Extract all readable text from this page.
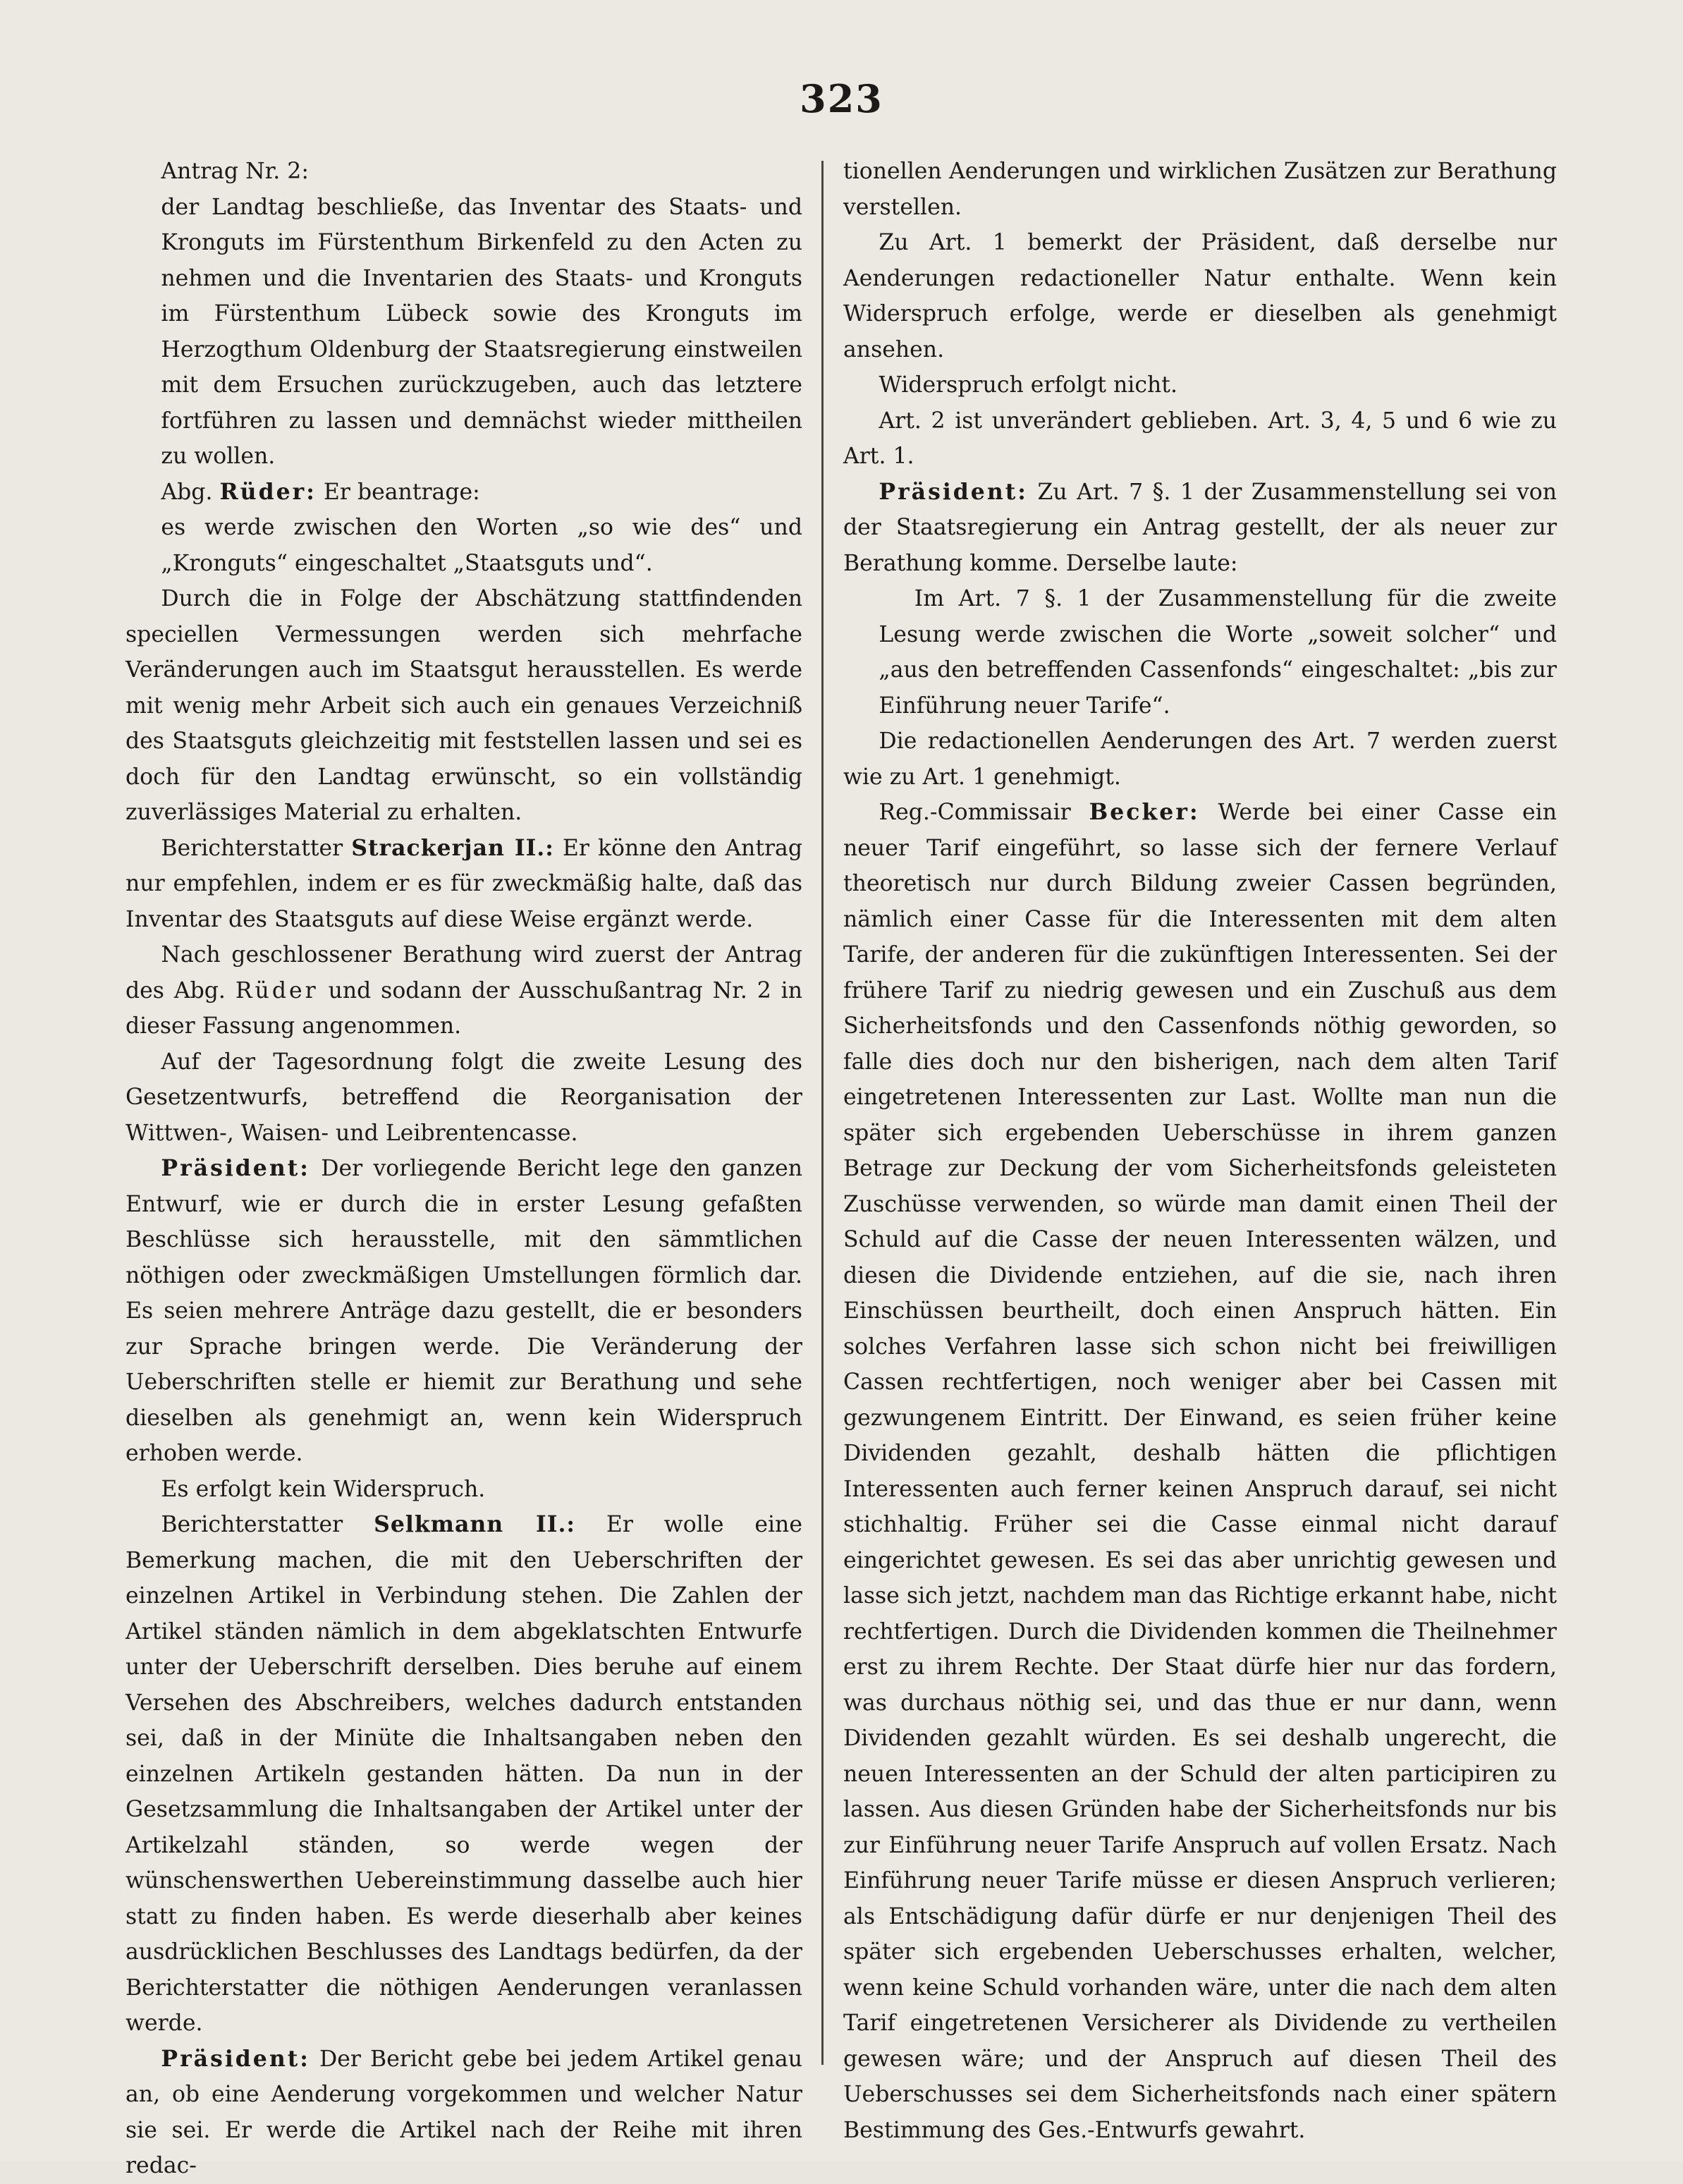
323

Antrag Nr. 2:

der Landtag beschließe, das Inventar des Staats- und Kronguts im Fürstenthum Birkenfeld zu den Acten zu nehmen und die Inventarien des Staats- und Kronguts im Fürstenthum Lübeck sowie des Kronguts im Herzogthum Oldenburg der Staatsregierung einstweilen mit dem Ersuchen zurückzugeben, auch das letztere fortführen zu lassen und demnächst wieder mittheilen zu wollen.

Abg. Rüder: Er beantrage:

es werde zwischen den Worten „so wie des“ und „Kronguts“ eingeschaltet „Staatsguts und“.

Durch die in Folge der Abschätzung stattfindenden speciellen Vermessungen werden sich mehrfache Veränderungen auch im Staatsgut herausstellen. Es werde mit wenig mehr Arbeit sich auch ein genaues Verzeichniß des Staatsguts gleichzeitig mit feststellen lassen und sei es doch für den Landtag erwünscht, so ein vollständig zuverlässiges Material zu erhalten.

Berichterstatter Strackerjan II.: Er könne den Antrag nur empfehlen, indem er es für zweckmäßig halte, daß das Inventar des Staatsguts auf diese Weise ergänzt werde.

Nach geschlossener Berathung wird zuerst der Antrag des Abg. Rüder und sodann der Ausschußantrag Nr. 2 in dieser Fassung angenommen.

Auf der Tagesordnung folgt die zweite Lesung des Gesetzentwurfs, betreffend die Reorganisation der Wittwen-, Waisen- und Leibrentencasse.

Präsident: Der vorliegende Bericht lege den ganzen Entwurf, wie er durch die in erster Lesung gefaßten Beschlüsse sich herausstelle, mit den sämmtlichen nöthigen oder zweckmäßigen Umstellungen förmlich dar. Es seien mehrere Anträge dazu gestellt, die er besonders zur Sprache bringen werde. Die Veränderung der Ueberschriften stelle er hiemit zur Berathung und sehe dieselben als genehmigt an, wenn kein Widerspruch erhoben werde.

Es erfolgt kein Widerspruch.

Berichterstatter Selkmann II.: Er wolle eine Bemerkung machen, die mit den Ueberschriften der einzelnen Artikel in Verbindung stehen. Die Zahlen der Artikel ständen nämlich in dem abgeklatschten Entwurfe unter der Ueberschrift derselben. Dies beruhe auf einem Versehen des Abschreibers, welches dadurch entstanden sei, daß in der Minüte die Inhaltsangaben neben den einzelnen Artikeln gestanden hätten. Da nun in der Gesetzsammlung die Inhaltsangaben der Artikel unter der Artikelzahl ständen, so werde wegen der wünschenswerthen Uebereinstimmung dasselbe auch hier statt zu finden haben. Es werde dieserhalb aber keines ausdrücklichen Beschlusses des Landtags bedürfen, da der Berichterstatter die nöthigen Aenderungen veranlassen werde.

Präsident: Der Bericht gebe bei jedem Artikel genau an, ob eine Aenderung vorgekommen und welcher Natur sie sei. Er werde die Artikel nach der Reihe mit ihren redac-

tionellen Aenderungen und wirklichen Zusätzen zur Berathung verstellen.

Zu Art. 1 bemerkt der Präsident, daß derselbe nur Aenderungen redactioneller Natur enthalte. Wenn kein Widerspruch erfolge, werde er dieselben als genehmigt ansehen.

Widerspruch erfolgt nicht.

Art. 2 ist unverändert geblieben. Art. 3, 4, 5 und 6 wie zu Art. 1.

Präsident: Zu Art. 7 §. 1 der Zusammenstellung sei von der Staatsregierung ein Antrag gestellt, der als neuer zur Berathung komme. Derselbe laute:

Im Art. 7 §. 1 der Zusammenstellung für die zweite Lesung werde zwischen die Worte „soweit solcher“ und „aus den betreffenden Cassenfonds“ eingeschaltet: „bis zur Einführung neuer Tarife“.

Die redactionellen Aenderungen des Art. 7 werden zuerst wie zu Art. 1 genehmigt.

Reg.-Commissair Becker: Werde bei einer Casse ein neuer Tarif eingeführt, so lasse sich der fernere Verlauf theoretisch nur durch Bildung zweier Cassen begründen, nämlich einer Casse für die Interessenten mit dem alten Tarife, der anderen für die zukünftigen Interessenten. Sei der frühere Tarif zu niedrig gewesen und ein Zuschuß aus dem Sicherheitsfonds und den Cassenfonds nöthig geworden, so falle dies doch nur den bisherigen, nach dem alten Tarif eingetretenen Interessenten zur Last. Wollte man nun die später sich ergebenden Ueberschüsse in ihrem ganzen Betrage zur Deckung der vom Sicherheitsfonds geleisteten Zuschüsse verwenden, so würde man damit einen Theil der Schuld auf die Casse der neuen Interessenten wälzen, und diesen die Dividende entziehen, auf die sie, nach ihren Einschüssen beurtheilt, doch einen Anspruch hätten. Ein solches Verfahren lasse sich schon nicht bei freiwilligen Cassen rechtfertigen, noch weniger aber bei Cassen mit gezwungenem Eintritt. Der Einwand, es seien früher keine Dividenden gezahlt, deshalb hätten die pflichtigen Interessenten auch ferner keinen Anspruch darauf, sei nicht stichhaltig. Früher sei die Casse einmal nicht darauf eingerichtet gewesen. Es sei das aber unrichtig gewesen und lasse sich jetzt, nachdem man das Richtige erkannt habe, nicht rechtfertigen. Durch die Dividenden kommen die Theilnehmer erst zu ihrem Rechte. Der Staat dürfe hier nur das fordern, was durchaus nöthig sei, und das thue er nur dann, wenn Dividenden gezahlt würden. Es sei deshalb ungerecht, die neuen Interessenten an der Schuld der alten participiren zu lassen. Aus diesen Gründen habe der Sicherheitsfonds nur bis zur Einführung neuer Tarife Anspruch auf vollen Ersatz. Nach Einführung neuer Tarife müsse er diesen Anspruch verlieren; als Entschädigung dafür dürfe er nur denjenigen Theil des später sich ergebenden Ueberschusses erhalten, welcher, wenn keine Schuld vorhanden wäre, unter die nach dem alten Tarif eingetretenen Versicherer als Dividende zu vertheilen gewesen wäre; und der Anspruch auf diesen Theil des Ueberschusses sei dem Sicherheitsfonds nach einer spätern Bestimmung des Ges.-Entwurfs gewahrt.
